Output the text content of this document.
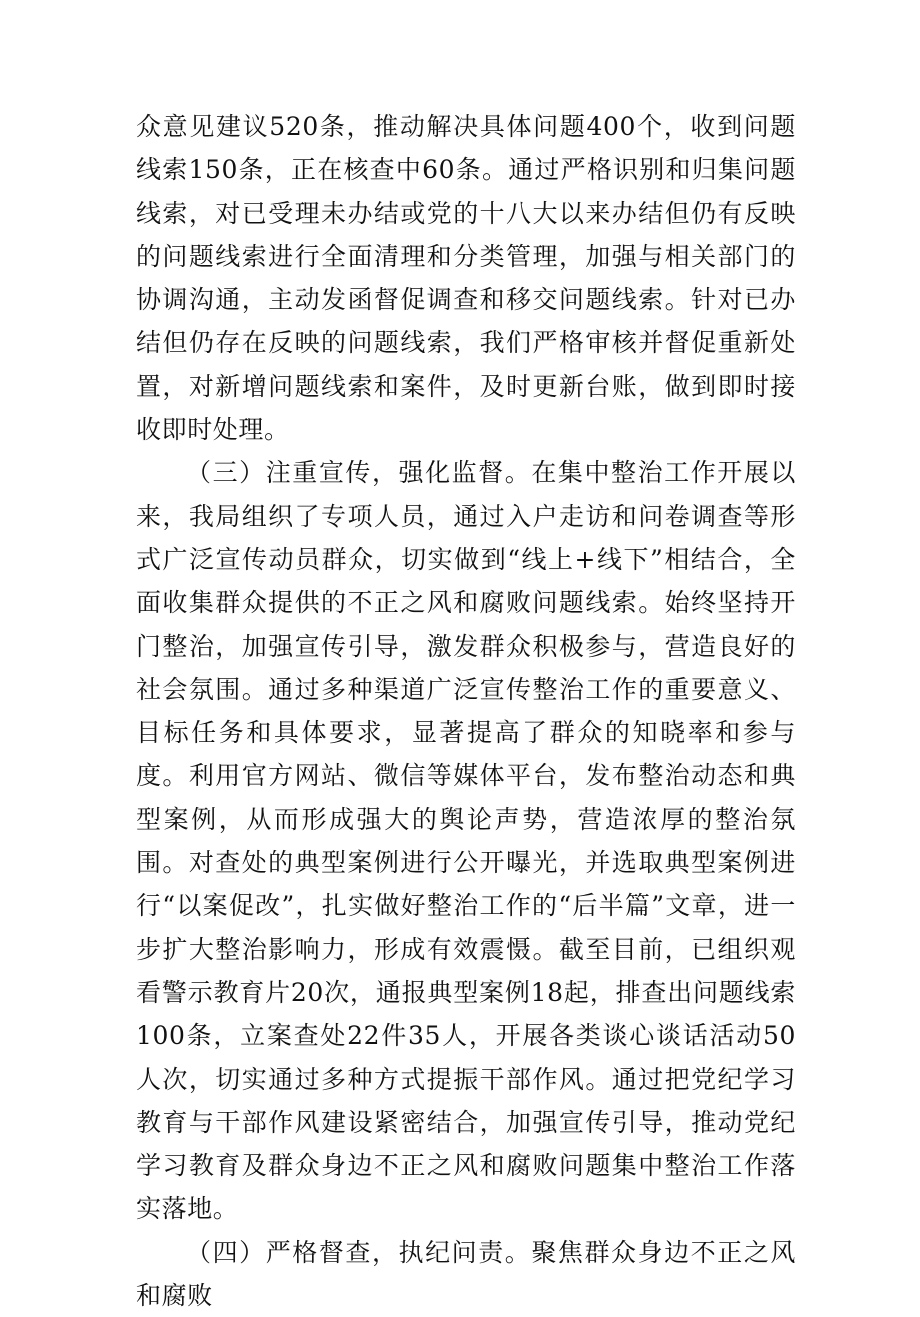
众意见建议520条，推动解决具体问题400个，收到问题线索150条，正在核查中60条。通过严格识别和归集问题线索，对已受理未办结或党的十八大以来办结但仍有反映的问题线索进行全面清理和分类管理，加强与相关部门的协调沟通，主动发函督促调查和移交问题线索。针对已办结但仍存在反映的问题线索，我们严格审核并督促重新处置，对新增问题线索和案件，及时更新台账，做到即时接收即时处理。

（三）注重宣传，强化监督。在集中整治工作开展以来，我局组织了专项人员，通过入户走访和问卷调查等形式广泛宣传动员群众，切实做到“线上+线下”相结合，全面收集群众提供的不正之风和腐败问题线索。始终坚持开门整治，加强宣传引导，激发群众积极参与，营造良好的社会氛围。通过多种渠道广泛宣传整治工作的重要意义、目标任务和具体要求，显著提高了群众的知晓率和参与度。利用官方网站、微信等媒体平台，发布整治动态和典型案例，从而形成强大的舆论声势，营造浓厚的整治氛围。对查处的典型案例进行公开曝光，并选取典型案例进行“以案促改”，扎实做好整治工作的“后半篇”文章，进一步扩大整治影响力，形成有效震慑。截至目前，已组织观看警示教育片20次，通报典型案例18起，排查出问题线索100条，立案查处22件35人，开展各类谈心谈话活动50人次，切实通过多种方式提振干部作风。通过把党纪学习教育与干部作风建设紧密结合，加强宣传引导，推动党纪学习教育及群众身边不正之风和腐败问题集中整治工作落实落地。

（四）严格督查，执纪问责。聚焦群众身边不正之风和腐败
